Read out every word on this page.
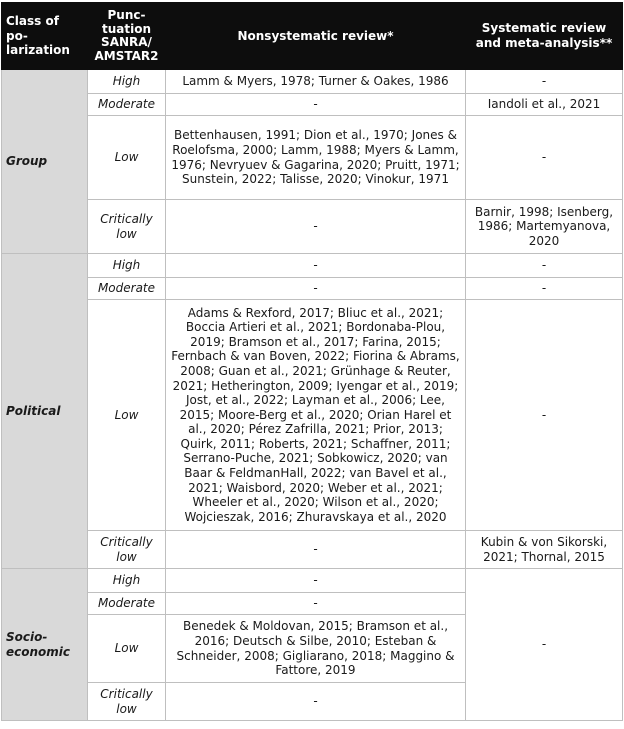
Class of po-
larization	Punc-
tuation
SANRA/
AMSTAR2	Nonsystematic review*	Systematic review and meta-analysis**
Group	High	Lamm & Myers, 1978; Turner & Oakes, 1986	-
	Moderate	-	Iandoli et al., 2021
	Low	Bettenhausen, 1991; Dion et al., 1970; Jones & Roelofsma, 2000; Lamm, 1988; Myers & Lamm, 1976; Nevryuev & Gagarina, 2020; Pruitt, 1971; Sunstein, 2022; Talisse, 2020; Vinokur, 1971	-
	Critically low	-	Barnir, 1998; Isenberg, 1986; Martemyanova, 2020
Political	High	-	-
	Moderate	-	-
	Low	Adams & Rexford, 2017; Bliuc et al., 2021; Boccia Artieri et al., 2021; Bordonaba-Plou, 2019; Bramson et al., 2017; Farina, 2015; Fernbach & van Boven, 2022; Fiorina & Abrams, 2008; Guan et al., 2021; Grünhage & Reuter, 2021; Hetherington, 2009; Iyengar et al., 2019; Jost, et al., 2022; Layman et al., 2006; Lee, 2015; Moore-Berg et al., 2020; Orian Harel et al., 2020; Pérez Zafrilla, 2021; Prior, 2013; Quirk, 2011; Roberts, 2021; Schaffner, 2011; Serrano-Puche, 2021; Sobkowicz, 2020; van Baar & FeldmanHall, 2022; van Bavel et al., 2021; Waisbord, 2020; Weber et al., 2021; Wheeler et al., 2020; Wilson et al., 2020; Wojcieszak, 2016; Zhuravskaya et al., 2020	-
	Critically low	-	Kubin & von Sikorski, 2021; Thornal, 2015
Socio-economic	High	-	-
	Moderate	-	
	Low	Benedek & Moldovan, 2015; Bramson et al., 2016; Deutsch & Silbe, 2010; Esteban & Schneider, 2008; Gigliarano, 2018; Maggino & Fattore, 2019	
	Critically low	-	
